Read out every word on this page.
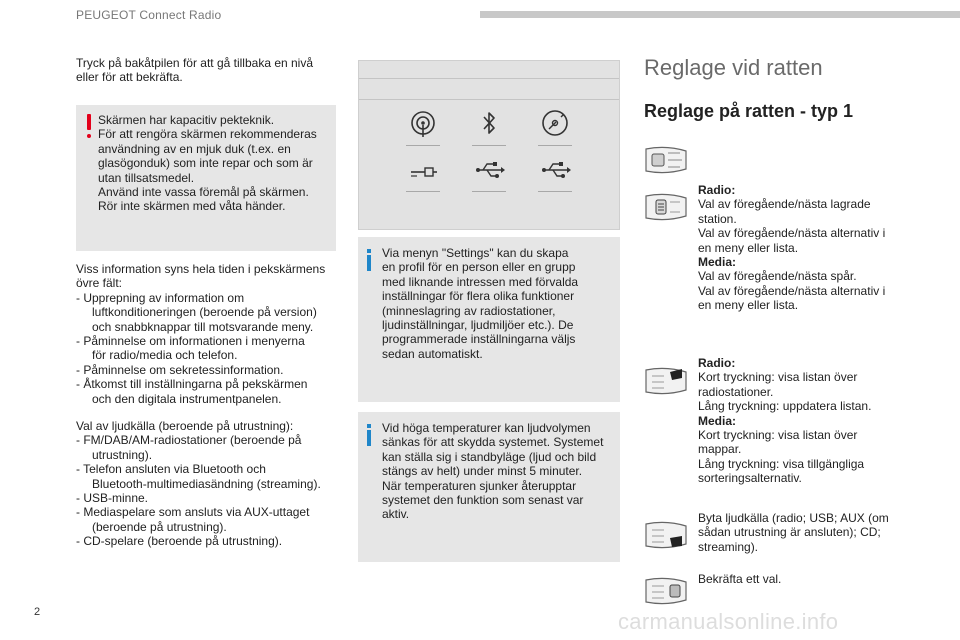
PEUGEOT Connect Radio
Tryck på bakåtpilen för att gå tillbaka en nivå
eller för att bekräfta.
Skärmen har kapacitiv pekteknik.
För att rengöra skärmen rekommenderas
användning av en mjuk duk (t.ex. en
glasögonduk) som inte repar och som är
utan tillsatsmedel.
Använd inte vassa föremål på skärmen.
Rör inte skärmen med våta händer.
Viss information syns hela tiden i pekskärmens
övre fält:
- Upprepning av information om
luftkonditioneringen (beroende på version)
och snabbknappar till motsvarande meny.
- Påminnelse om informationen i menyerna
för radio/media och telefon.
- Påminnelse om sekretessinformation.
- Åtkomst till inställningarna på pekskärmen
och den digitala instrumentpanelen.
Val av ljudkälla (beroende på utrustning):
- FM/DAB/AM-radiostationer (beroende på
utrustning).
- Telefon ansluten via Bluetooth och
Bluetooth-multimediasändning (streaming).
- USB-minne.
- Mediaspelare som ansluts via AUX-uttaget
(beroende på utrustning).
- CD-spelare (beroende på utrustning).
Via menyn "Settings" kan du skapa
en profil för en person eller en grupp
med liknande intressen med förvalda
inställningar för flera olika funktioner
(minneslagring av radiostationer,
ljudinställningar, ljudmiljöer etc.). De
programmerade inställningarna väljs
sedan automatiskt.
Vid höga temperaturer kan ljudvolymen
sänkas för att skydda systemet. Systemet
kan ställa sig i standbyläge (ljud och bild
stängs av helt) under minst 5 minuter.
När temperaturen sjunker återupptar
systemet den funktion som senast var
aktiv.
Reglage vid ratten
Reglage på ratten - typ 1
Radio:
Val av föregående/nästa lagrade
station.
Val av föregående/nästa alternativ i
en meny eller lista.
Media:
Val av föregående/nästa spår.
Val av föregående/nästa alternativ i
en meny eller lista.
Radio:
Kort tryckning: visa listan över
radiostationer.
Lång tryckning: uppdatera listan.
Media:
Kort tryckning: visa listan över
mappar.
Lång tryckning: visa tillgängliga
sorteringsalternativ.
Byta ljudkälla (radio; USB; AUX (om
sådan utrustning är ansluten); CD;
streaming).
Bekräfta ett val.
2	carmanualsonline.info
